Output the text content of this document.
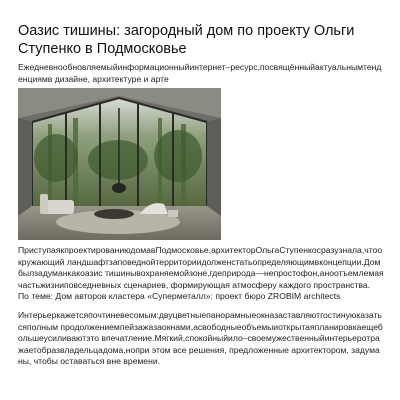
Оазис тишины: загородный дом по проекту Ольги Ступенко в Подмосковье

Ежедневнообновляемыйинформационныйинтернет–ресурс,посвящённыйактуальнымтенденциямв дизайне, архитектуре и арте

ПриступаякпроектированиюдомавПодмосковье,архитекторОльгаСтупенкосразузнала,чтоокружающий ландшафтзаповеднойтерриториидолженстатьопределяющимвконцепции.Домбылзадуманкакоазис тишинывохраняемойзоне,гдеприрода—непростофон,аноотъемлемаячастьжизниповседневных сценариев, формирующая атмосферу каждого пространства.

По теме: Дом авторов кластера «Суперметалл»: проект бюро ZROBIM architects

Интерьеркажетсяпочтиневесомым:двуцветныепанорамныеокназаставляютгостинуюказатьсяполным продолжениемпейзажазаокнами,асвободныеобъемыиоткрытаяпланировкаещебольшеусиливаютэто впечатление.Мягкий,спокойныйило–своемужественныйинтерьеротражаетобразвладельцадома,нопри этом все решения, предложенные архитектором, задуманы, чтобы оставаться вне времени.
